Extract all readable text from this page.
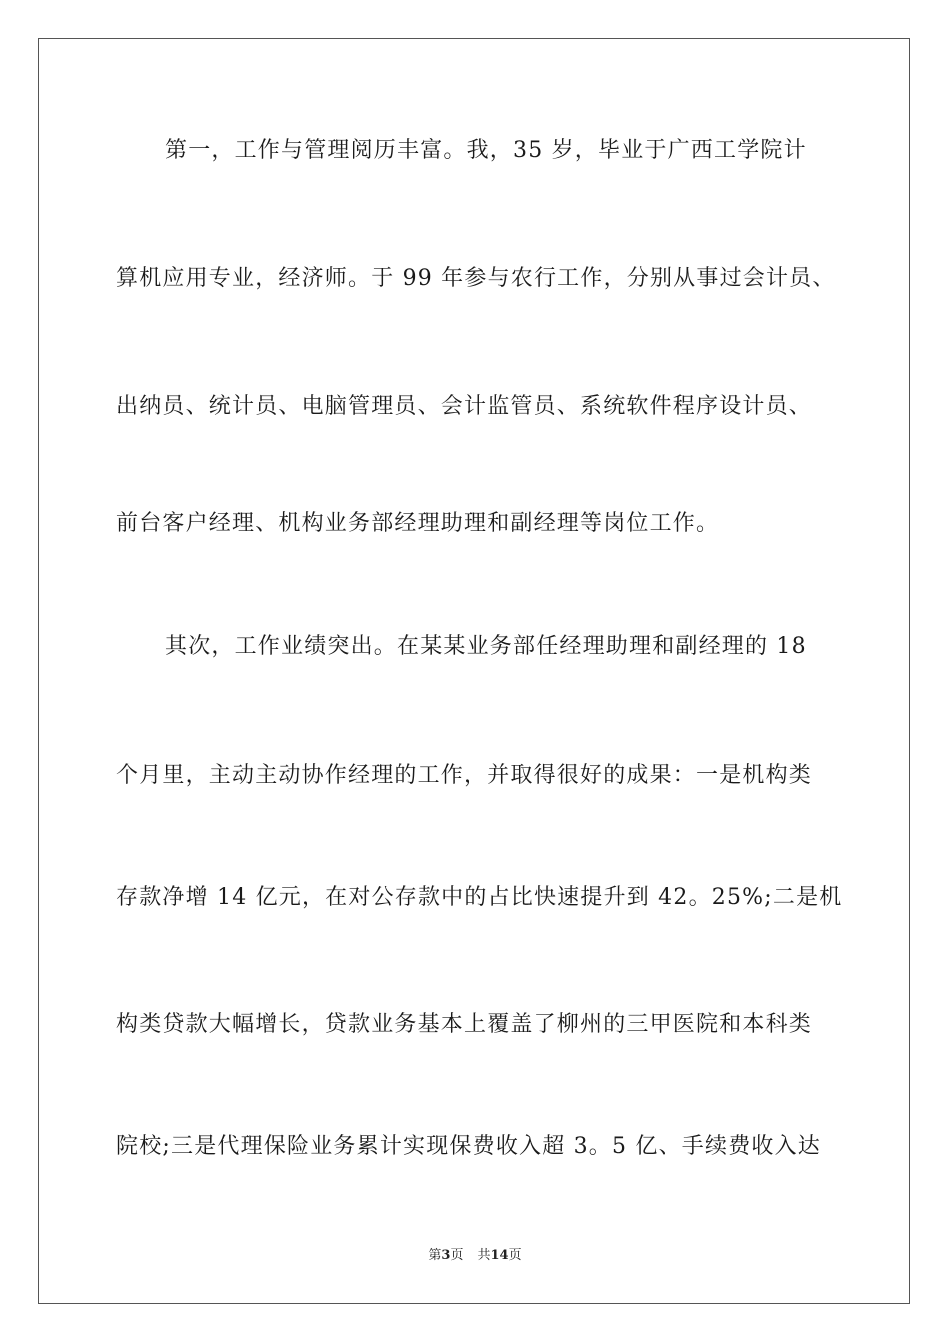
第一，工作与管理阅历丰富。我，35 岁，毕业于广西工学院计
算机应用专业，经济师。于 99 年参与农行工作，分别从事过会计员、
出纳员、统计员、电脑管理员、会计监管员、系统软件程序设计员、
前台客户经理、机构业务部经理助理和副经理等岗位工作。
其次，工作业绩突出。在某某业务部任经理助理和副经理的 18
个月里，主动主动协作经理的工作，并取得很好的成果：一是机构类
存款净增 14 亿元，在对公存款中的占比快速提升到 42。25%;二是机
构类贷款大幅增长，贷款业务基本上覆盖了柳州的三甲医院和本科类
院校;三是代理保险业务累计实现保费收入超 3。5 亿、手续费收入达
第3页 共14页
